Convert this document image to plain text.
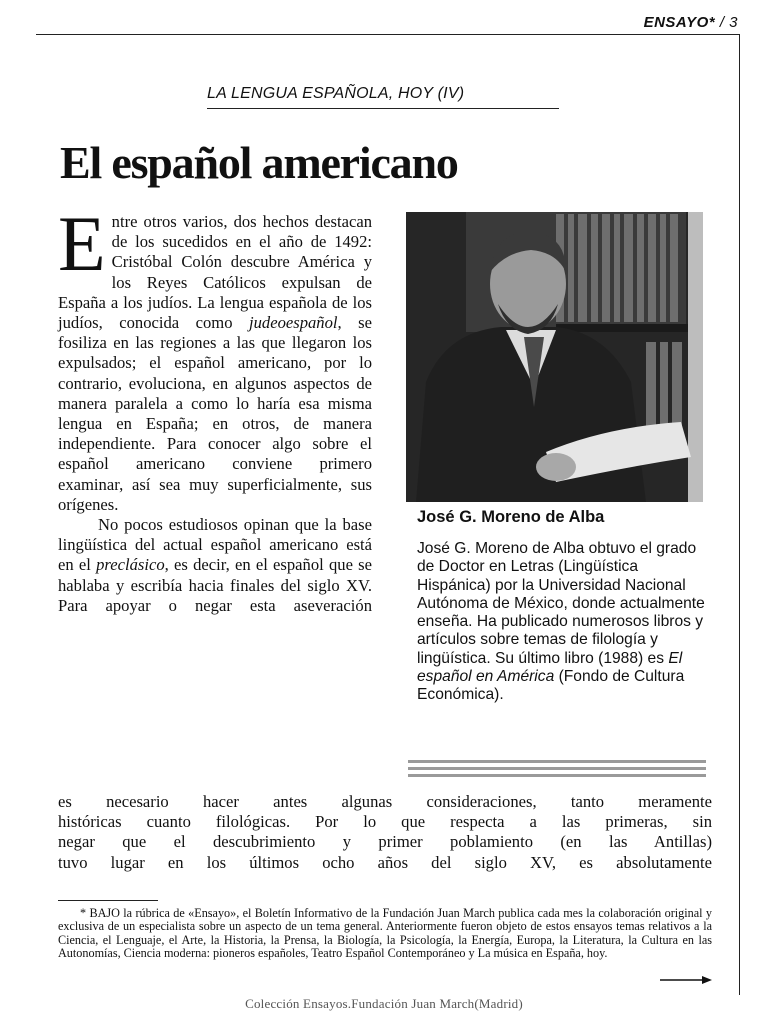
ENSAYO* / 3
LA LENGUA ESPAÑOLA, HOY (IV)
El español americano

Entre otros varios, dos hechos destacan de los sucedidos en el año de 1492: Cristóbal Colón descubre América y los Reyes Católicos expulsan de España a los judíos. La lengua española de los judíos, conocida como judeoespañol, se fosiliza en las regiones a las que llegaron los expulsados; el español americano, por lo contrario, evoluciona, en algunos aspectos de manera paralela a como lo haría esa misma lengua en España; en otros, de manera independiente. Para conocer algo sobre el español americano conviene primero examinar, así sea muy superficialmente, sus orígenes.

No pocos estudiosos opinan que la base lingüística del actual español americano está en el preclásico, es decir, en el español que se hablaba y escribía hacia finales del siglo XV. Para apoyar o negar esta aseveración

José G. Moreno de Alba
José G. Moreno de Alba obtuvo el grado de Doctor en Letras (Lingüística Hispánica) por la Universidad Nacional Autónoma de México, donde actualmente enseña. Ha publicado numerosos libros y artículos sobre temas de filología y lingüística. Su último libro (1988) es El español en América (Fondo de Cultura Económica).

es necesario hacer antes algunas consideraciones, tanto meramente

históricas cuanto filológicas. Por lo que respecta a las primeras, sin

negar que el descubrimiento y primer poblamiento (en las Antillas)

tuvo lugar en los últimos ocho años del siglo XV, es absolutamente

* BAJO la rúbrica de «Ensayo», el Boletín Informativo de la Fundación Juan March publica cada mes la colaboración original y exclusiva de un especialista sobre un aspecto de un tema general. Anteriormente fueron objeto de estos ensayos temas relativos a la Ciencia, el Lenguaje, el Arte, la Historia, la Prensa, la Biología, la Psicología, la Energía, Europa, la Literatura, la Cultura en las Autonomías, Ciencia moderna: pioneros españoles, Teatro Español Contemporáneo y La música en España, hoy.
Colección Ensayos.Fundación Juan March(Madrid)
